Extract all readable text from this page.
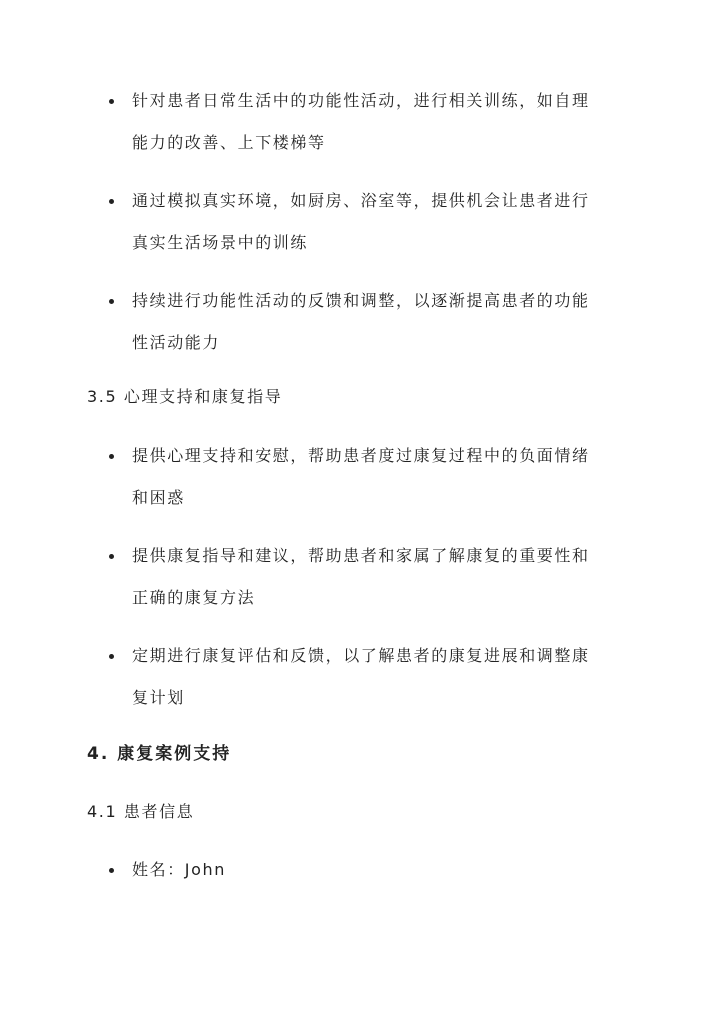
针对患者日常生活中的功能性活动，进行相关训练，如自理
能力的改善、上下楼梯等
通过模拟真实环境，如厨房、浴室等，提供机会让患者进行
真实生活场景中的训练
持续进行功能性活动的反馈和调整，以逐渐提高患者的功能
性活动能力
3.5 心理支持和康复指导
提供心理支持和安慰，帮助患者度过康复过程中的负面情绪
和困惑
提供康复指导和建议，帮助患者和家属了解康复的重要性和
正确的康复方法
定期进行康复评估和反馈，以了解患者的康复进展和调整康
复计划
4. 康复案例支持
4.1 患者信息
姓名：John
